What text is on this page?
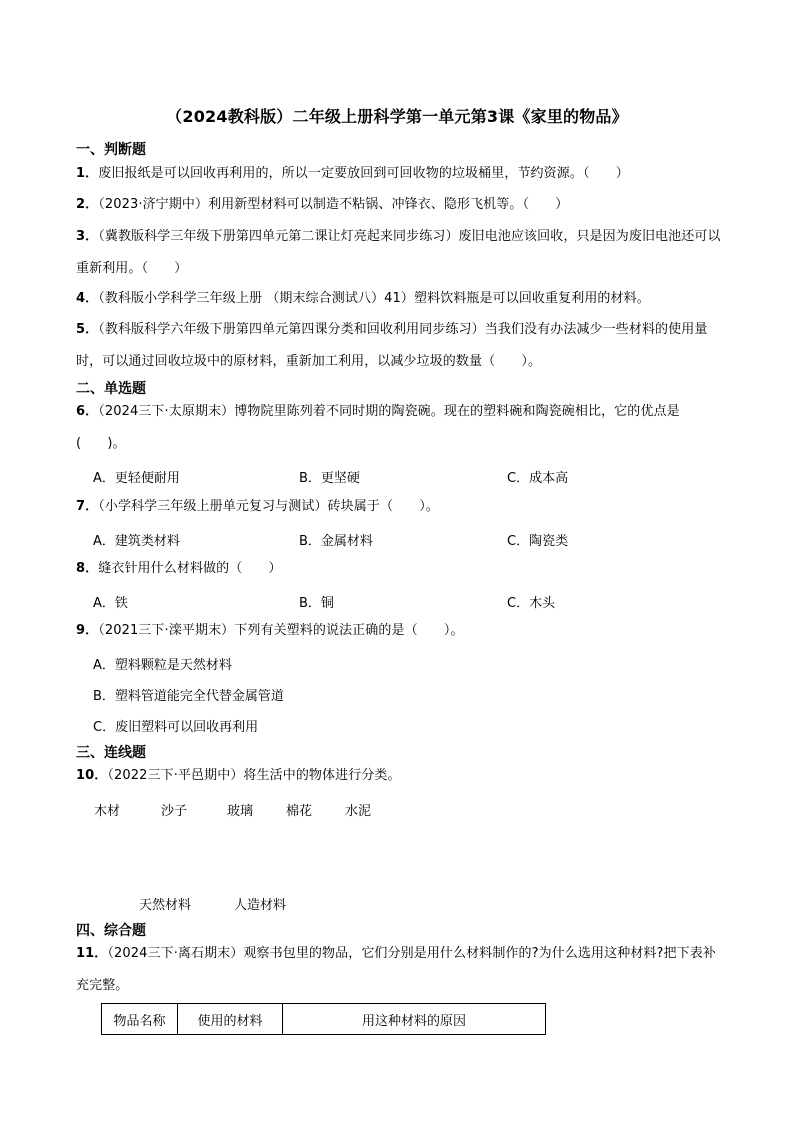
（2024教科版）二年级上册科学第一单元第3课《家里的物品》
一、判断题
1．废旧报纸是可以回收再利用的，所以一定要放回到可回收物的垃圾桶里，节约资源。（　　）
2．（2023·济宁期中）利用新型材料可以制造不粘锅、冲锋衣、隐形飞机等。（　　）
3．（冀教版科学三年级下册第四单元第二课让灯亮起来同步练习）废旧电池应该回收，只是因为废旧电池还可以重新利用。（　　）
4．（教科版小学科学三年级上册 （期末综合测试八）41）塑料饮料瓶是可以回收重复利用的材料。
5．（教科版科学六年级下册第四单元第四课分类和回收利用同步练习）当我们没有办法减少一些材料的使用量时，可以通过回收垃圾中的原材料，重新加工利用，以减少垃圾的数量（　　）。
二、单选题
6．（2024三下·太原期末）博物院里陈列着不同时期的陶瓷碗。现在的塑料碗和陶瓷碗相比，它的优点是(　　)。
A．更轻便耐用	B．更坚硬	C．成本高
7．（小学科学三年级上册单元复习与测试）砖块属于（　　）。
A．建筑类材料	B．金属材料	C．陶瓷类
8．缝衣针用什么材料做的（　　）
A．铁	B．铜	C．木头
9．（2021三下·滦平期末）下列有关塑料的说法正确的是（　　）。
A．塑料颗粒是天然材料
B．塑料管道能完全代替金属管道
C．废旧塑料可以回收再利用
三、连线题
10．（2022三下·平邑期中）将生活中的物体进行分类。
木材	沙子	玻璃	棉花	水泥
天然材料	人造材料
四、综合题
11．（2024三下·离石期末）观察书包里的物品，它们分别是用什么材料制作的?为什么选用这种材料?把下表补充完整。
物品名称	使用的材料	用这种材料的原因
